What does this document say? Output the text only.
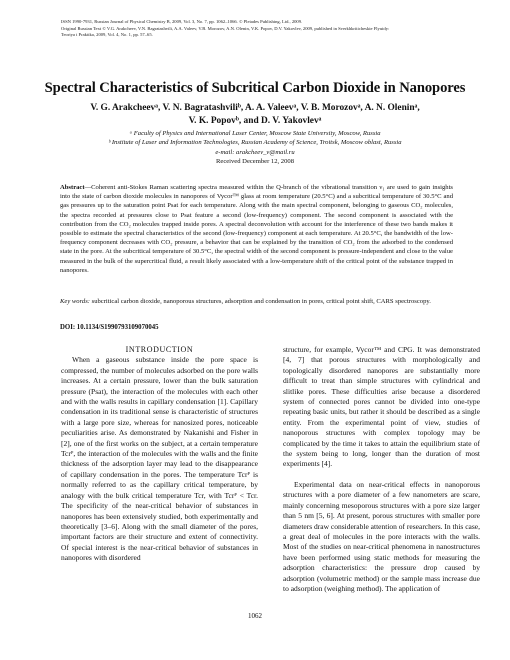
ISSN 1990-7931, Russian Journal of Physical Chemistry B, 2009, Vol. 3, No. 7, pp. 1062–1066. © Pleiades Publishing, Ltd., 2009.
Original Russian Text © V.G. Arakcheev, V.N. Bagratashvili, A.A. Valeev, V.B. Morozov, A.N. Olenin, V.K. Popov, D.V. Yakovlev, 2009, published in Sverkhkriticheskie Flyuidy:
Teoriya i Praktika, 2009, Vol. 4, No. 1, pp. 57–65.
Spectral Characteristics of Subcritical Carbon Dioxide in Nanopores
V. G. Arakcheevᵃ, V. N. Bagratashviliᵇ, A. A. Valeevᵃ, V. B. Morozovᵃ, A. N. Oleninᵃ,
V. K. Popovᵇ, and D. V. Yakovlevᵃ
ᵃ Faculty of Physics and International Laser Center, Moscow State University, Moscow, Russia
ᵇ Institute of Laser and Information Technologies, Russian Academy of Science, Troitsk, Moscow oblast, Russia
e-mail: arakcheev_v@mail.ru
Received December 12, 2008
Abstract—Coherent anti-Stokes Raman scattering spectra measured within the Q-branch of the vibrational transition ν₁ are used to gain insights into the state of carbon dioxide molecules in nanopores of Vycor™ glass at room temperature (20.5°C) and a subcritical temperature of 30.5°C and gas pressures up to the saturation point Psat for each temperature. Along with the main spectral component, belonging to gaseous CO₂ molecules, the spectra recorded at pressures close to Psat feature a second (low-frequency) component. The second component is associated with the contribution from the CO₂ molecules trapped inside pores. A spectral deconvolution with account for the interference of these two bands makes it possible to estimate the spectral characteristics of the second (low-frequency) component at each temperature. At 20.5°C, the bandwidth of the low-frequency component decreases with CO₂ pressure, a behavior that can be explained by the transition of CO₂ from the adsorbed to the condensed state in the pore. At the subcritical temperature of 30.5°C, the spectral width of the second component is pressure-independent and close to the value measured in the bulk of the supercritical fluid, a result likely associated with a low-temperature shift of the critical point of the substance trapped in nanopores.
Key words: subcritical carbon dioxide, nanoporous structures, adsorption and condensation in pores, critical point shift, CARS spectroscopy.
DOI: 10.1134/S1990793109070045

INTRODUCTION

When a gaseous substance inside the pore space is compressed, the number of molecules adsorbed on the pore walls increases. At a certain pressure, lower than the bulk saturation pressure (Psat), the interaction of the molecules with each other and with the walls results in capillary condensation [1]. Capillary condensation in its traditional sense is characteristic of structures with a large pore size, whereas for nanosized pores, noticeable peculiarities arise. As demonstrated by Nakanishi and Fisher in [2], one of the first works on the subject, at a certain temperature Tcrᴾ, the interaction of the molecules with the walls and the finite thickness of the adsorption layer may lead to the disappearance of capillary condensation in the pores. The temperature Tcrᴾ is normally referred to as the capillary critical temperature, by analogy with the bulk critical temperature Tcr, with Tcrᴾ < Tcr. The specificity of the near-critical behavior of substances in nanopores has been extensively studied, both experimentally and theoretically [3–6]. Along with the small diameter of the pores, important factors are their structure and extent of connectivity. Of special interest is the near-critical behavior of substances in nanopores with disordered

structure, for example, Vycor™ and CPG. It was demonstrated [4, 7] that porous structures with morphologically and topologically disordered nanopores are substantially more difficult to treat than simple structures with cylindrical and slitlike pores. These difficulties arise because a disordered system of connected pores cannot be divided into one-type repeating basic units, but rather it should be described as a single entity. From the experimental point of view, studies of nanoporous structures with complex topology may be complicated by the time it takes to attain the equilibrium state of the system being to long, longer than the duration of most experiments [4].

Experimental data on near-critical effects in nanoporous structures with a pore diameter of a few nanometers are scare, mainly concerning mesoporous structures with a pore size larger than 5 nm [5, 6]. At present, porous structures with smaller pore diameters draw considerable attention of researchers. In this case, a great deal of molecules in the pore interacts with the walls. Most of the studies on near-critical phenomena in nanostructures have been performed using static methods for measuring the adsorption characteristics: the pressure drop caused by adsorption (volumetric method) or the sample mass increase due to adsorption (weighing method). The application of

1062
